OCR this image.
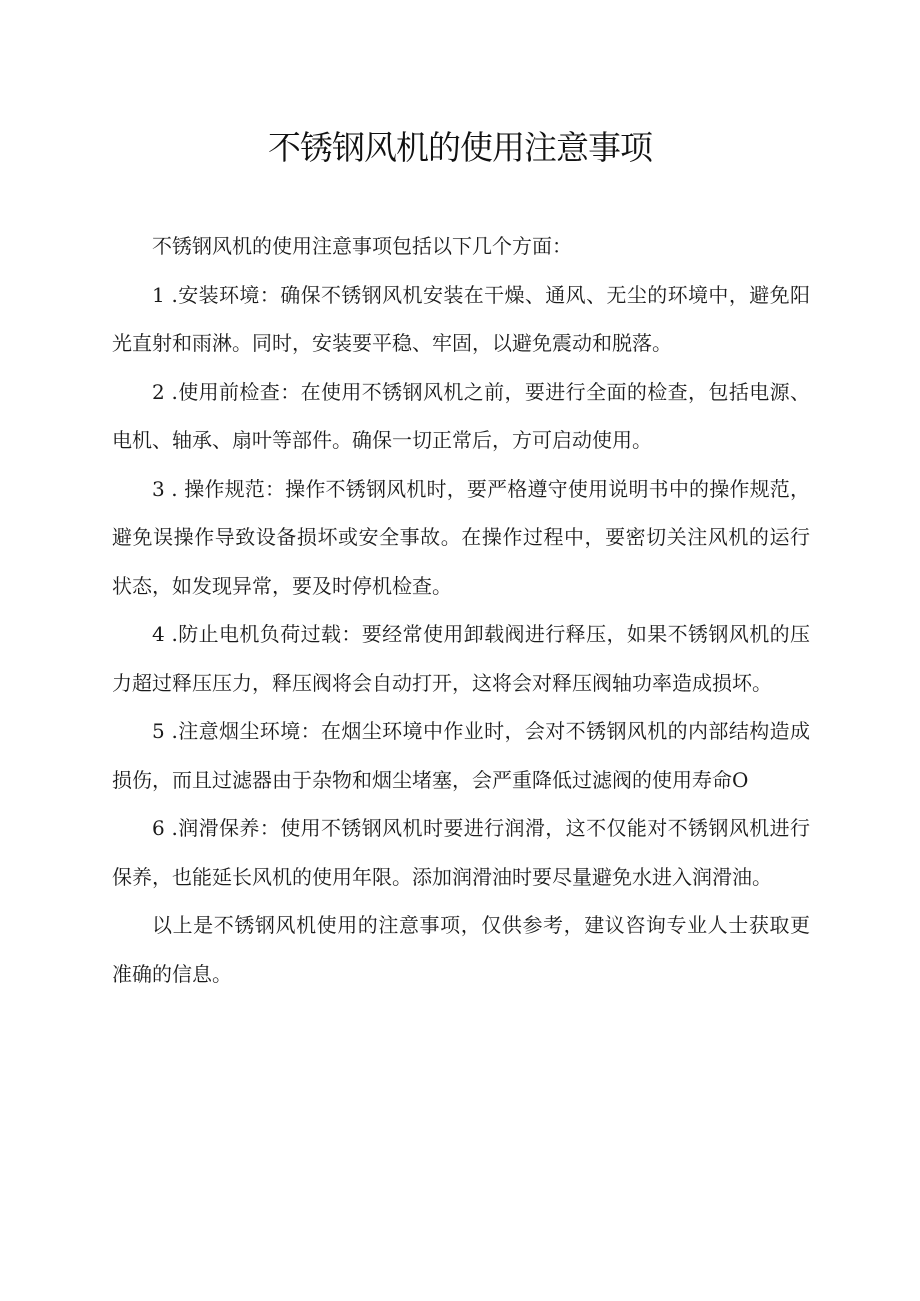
不锈钢风机的使用注意事项

不锈钢风机的使用注意事项包括以下几个方面：

1 .安装环境：确保不锈钢风机安装在干燥、通风、无尘的环境中，避免阳光直射和雨淋。同时，安装要平稳、牢固，以避免震动和脱落。

2 .使用前检查：在使用不锈钢风机之前，要进行全面的检查，包括电源、电机、轴承、扇叶等部件。确保一切正常后，方可启动使用。

3 . 操作规范：操作不锈钢风机时，要严格遵守使用说明书中的操作规范，避免误操作导致设备损坏或安全事故。在操作过程中，要密切关注风机的运行状态，如发现异常，要及时停机检查。

4 .防止电机负荷过载：要经常使用卸载阀进行释压，如果不锈钢风机的压力超过释压压力，释压阀将会自动打开，这将会对释压阀轴功率造成损坏。

5 .注意烟尘环境：在烟尘环境中作业时，会对不锈钢风机的内部结构造成损伤，而且过滤器由于杂物和烟尘堵塞，会严重降低过滤阀的使用寿命O

6 .润滑保养：使用不锈钢风机时要进行润滑，这不仅能对不锈钢风机进行保养，也能延长风机的使用年限。添加润滑油时要尽量避免水进入润滑油。

以上是不锈钢风机使用的注意事项，仅供参考，建议咨询专业人士获取更准确的信息。
